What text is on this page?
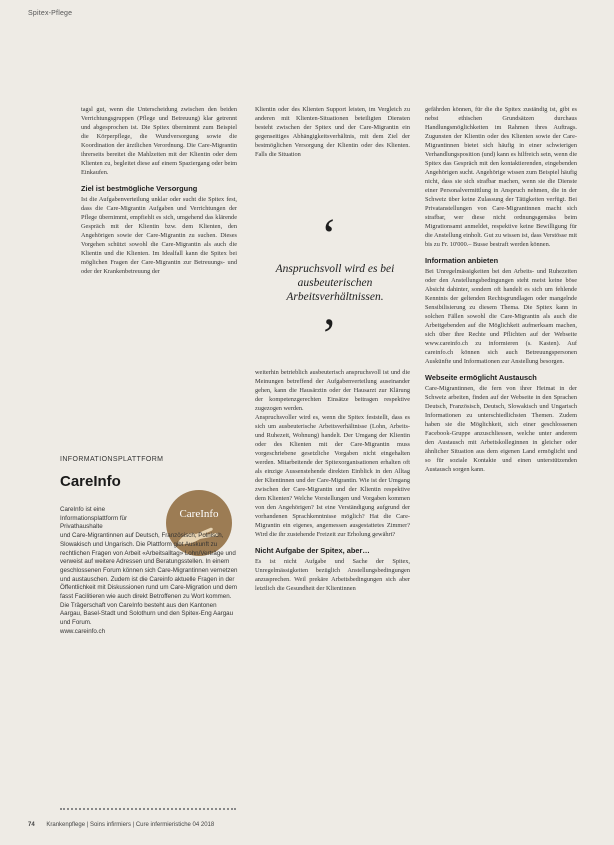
Spitex-Pflege

tagsl gut, wenn die Unterscheidung zwischen den beiden Verrichtungsgruppen (Pflege und Betreuung) klar getrennt und abgesprochen ist. Die Spitex übernimmt zum Beispiel die Körperpflege, die Wundversorgung sowie die Koordination der ärztlichen Verordnung. Die Care-Migrantin ihrerseits bereitet die Mahlzeiten mit der Klientin oder dem Klienten zu, begleitet diese auf einem Spaziergang oder beim Einkaufen.

Ziel ist bestmögliche Versorgung

Ist die Aufgabenverteilung unklar oder sucht die Spitex fest, dass die Care-Migrantin Aufgaben und Verrichtungen der Pflege übernimmt, empfiehlt es sich, umgehend das klärende Gespräch mit der Klientin bzw. dem Klienten, den Angehörigen sowie der Care-Migrantin zu suchen. Dieses Vorgehen schützt sowohl die Care-Migrantin als auch die Klientin und die Klienten. Im Idealfall kann die Spitex bei möglichen Fragen der Care-Migrantin zur Betreuungs- und oder der Krankenbetreuung der

Klientin oder des Klienten Support leisten, im Vergleich zu anderen mit Klienten-Situationen beteiligten Diensten besteht zwischen der Spitex und der Care-Migrantin ein gegenseitiges Abhängigkeitsverhältnis, mit dem Ziel der bestmöglichen Versorgung der Klientin oder des Klienten. Falls die Situation

‘
Anspruchsvoll wird es bei ausbeuterischen Arbeitsverhältnissen.
’

weiterhin betrieblich ausbeuterisch anspruchsvoll ist und die Meinungen betreffend der Aufgabenverteilung auseinander gehen, kann die Hausärztin oder der Hausarzt zur Klärung der kompetenzgerechten Einsätze beitragen respektive zugezogen werden.

Anspruchsvoller wird es, wenn die Spitex feststellt, dass es sich um ausbeuterische Arbeitsverhältnisse (Lohn, Arbeits- und Ruhezeit, Wohnung) handelt. Der Umgang der Klientin oder des Klienten mit der Care-Migrantin muss vorgeschriebene gesetzliche Vorgaben nicht eingehalten werden. Mitarbeitende der Spitexorganisationen erhalten oft als einzige Aussenstehende direkten Einblick in den Alltag der Klientinnen und der Care-Migrantin. Wie ist der Umgang zwischen der Care-Migrantin und der Klientin respektive dem Klienten? Welche Vorstellungen und Vorgaben kommen von den Angehörigen? Ist eine Verständigung aufgrund der vorhandenen Sprachkenntnisse möglich? Hat die Care-Migrantin ein eigenes, angemessen ausgestattetes Zimmer? Wird die ihr zustehende Freizeit zur Erholung gewährt?

Nicht Aufgabe der Spitex, aber…

Es ist nicht Aufgabe und Sache der Spitex, Unregelmässigkeiten bezüglich Anstellungsbedingungen anzusprechen. Weil prekäre Arbeitsbedingungen sich aber letztlich die Gesundheit der Klientinnen

gefährden können, für die die Spitex zuständig ist, gibt es nebst ethischen Grundsätzen durchaus Handlungsmöglichkeiten im Rahmen ihres Auftrags. Zugunsten der Klientin oder des Klienten sowie der Care-Migrantinnen bietet sich häufig in einer schwierigen Verhandlungsposition (und) kann es hilfreich sein, wenn die Spitex das Gespräch mit den kontaktierenden, eingebenden Angehörigen sucht. Angehörige wissen zum Beispiel häufig nicht, dass sie sich strafbar machen, wenn sie die Dienste einer Personalvermittlung in Anspruch nehmen, die in der Schweiz über keine Zulassung der Tätigkeiten verfügt. Bei Privatanstellungen von Care-Migrantinnen macht sich strafbar, wer diese nicht ordnungsgemäss beim Migrationsamt anmeldet, respektive keine Bewilligung für die Anstellung einholt. Gut zu wissen ist, dass Verstösse mit bis zu Fr. 10'000.– Busse bestraft werden können.

Information anbieten

Bei Unregelmässigkeiten bei den Arbeits- und Ruhezeiten oder den Anstellungsbedingungen steht meist keine böse Absicht dahinter, sondern oft handelt es sich um fehlende Kenntnis der geltenden Rechtsgrundlagen oder mangelnde Sensibilisierung zu diesem Thema. Die Spitex kann in solchen Fällen sowohl die Care-Migrantin als auch die Arbeitgebenden auf die Möglichkeit aufmerksam machen, sich über ihre Rechte und Pflichten auf der Webseite www.careinfo.ch zu informieren (s. Kasten). Auf careinfo.ch können sich auch Betreuungspersonen Auskünfte und Informationen zur Anstellung besorgen.

Webseite ermöglicht Austausch

Care-Migrantinnen, die fern von ihrer Heimat in der Schweiz arbeiten, finden auf der Webseite in den Sprachen Deutsch, Französisch, Deutsch, Slowakisch und Ungarisch Informationen zu unterschiedlichsten Themen. Zudem haben sie die Möglichkeit, sich einer geschlossenen Facebook-Gruppe anzuschliessen, welche unter anderem den Austausch mit Arbeitskolleginnen in gleicher oder ähnlicher Situation aus dem eigenen Land ermöglicht und so für soziale Kontakte und einen unterstützenden Austausch sorgen kann.

INFORMATIONSPLATTFORM
CareInfo
CareInfo
CareInfo ist eine Informationsplattform für Privathaushalte
und Care-Migrantinnen auf Deutsch, Französisch, Polnisch, Slowakisch und Ungarisch. Die Plattform gibt Auskunft zu rechtlichen Fragen von Arbeit «Arbeitsalltag» Lohn/Verträge und verweist auf weitere Adressen und Beratungsstellen. In einem geschlossenen Forum können sich Care-Migrantinnen vernetzen und austauschen. Zudem ist die Careinfo aktuelle Fragen in der Öffentlichkeit mit Diskussionen rund um Care-Migration und dem fasst Facilitieren wie auch direkt Betroffenen zu Wort kommen. Die Trägerschaft von CareInfo besteht aus den Kantonen Aargau, Basel-Stadt und Solothurn und den Spitex-Eng Aargau und Forum.
www.careinfo.ch
74 Krankenpflege | Soins infirmiers | Cure infermieristiche 04 2018
